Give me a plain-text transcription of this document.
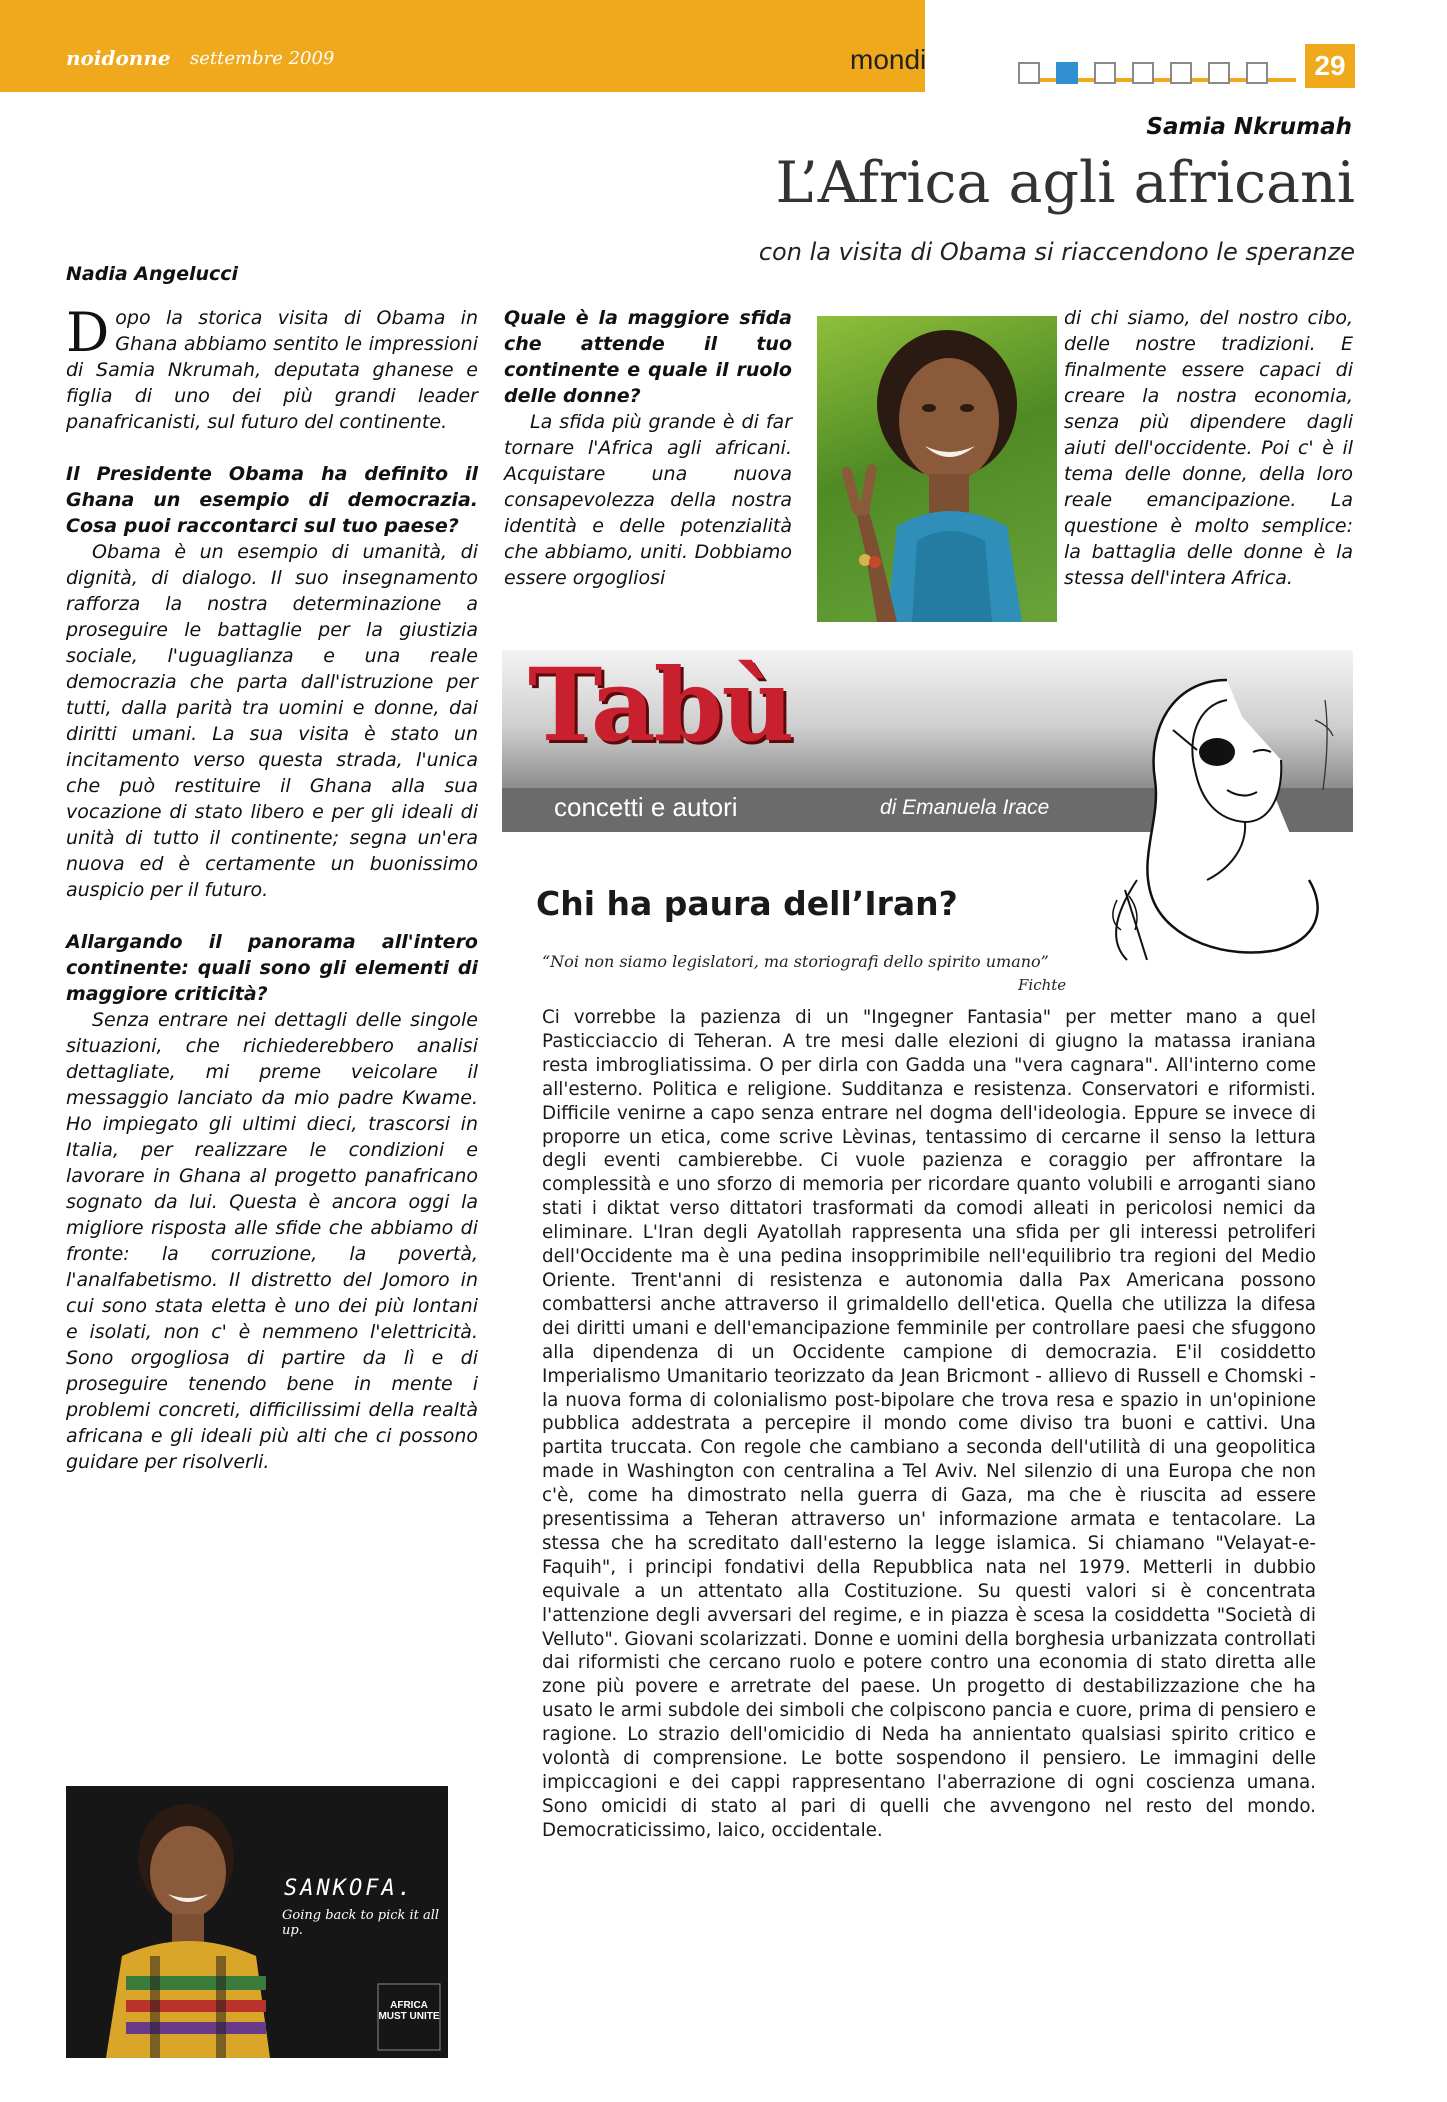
noidonne settembre 2009	mondi	29
Samia Nkrumah
L’Africa agli africani
con la visita di Obama si riaccendono le speranze
Nadia Angelucci

Dopo la storica visita di Obama in Ghana abbiamo sentito le impressioni di Samia Nkrumah, deputata ghanese e figlia di uno dei più grandi leader panafricanisti, sul futuro del continente.

Il Presidente Obama ha definito il Ghana un esempio di democrazia. Cosa puoi raccontarci sul tuo paese?

Obama è un esempio di umanità, di dignità, di dialogo. Il suo insegnamento rafforza la nostra determinazione a proseguire le battaglie per la giustizia sociale, l'uguaglianza e una reale democrazia che parta dall'istruzione per tutti, dalla parità tra uomini e donne, dai diritti umani. La sua visita è stato un incitamento verso questa strada, l'unica che può restituire il Ghana alla sua vocazione di stato libero e per gli ideali di unità di tutto il continente; segna un'era nuova ed è certamente un buonissimo auspicio per il futuro.

Allargando il panorama all'intero continente: quali sono gli elementi di maggiore criticità?

Senza entrare nei dettagli delle singole situazioni, che richiederebbero analisi dettagliate, mi preme veicolare il messaggio lanciato da mio padre Kwame. Ho impiegato gli ultimi dieci, trascorsi in Italia, per realizzare le condizioni e lavorare in Ghana al progetto panafricano sognato da lui. Questa è ancora oggi la migliore risposta alle sfide che abbiamo di fronte: la corruzione, la povertà, l'analfabetismo. Il distretto del Jomoro in cui sono stata eletta è uno dei più lontani e isolati, non c' è nemmeno l'elettricità. Sono orgogliosa di partire da lì e di proseguire tenendo bene in mente i problemi concreti, difficilissimi della realtà africana e gli ideali più alti che ci possono guidare per risolverli.

Quale è la maggiore sfida che attende il tuo continente e quale il ruolo delle donne?

La sfida più grande è di far tornare l'Africa agli africani. Acquistare una nuova consapevolezza della nostra identità e delle potenzialità che abbiamo, uniti. Dobbiamo essere orgogliosi

di chi siamo, del nostro cibo, delle nostre tradizioni. E finalmente essere capaci di creare la nostra economia, senza più dipendere dagli aiuti dell'occidente. Poi c' è il tema delle donne, della loro reale emancipazione. La questione è molto semplice: la battaglia delle donne è la stessa dell'intera Africa.

SANKOFA.
Going back to pick it all up.
AFRICA MUST UNITE
Tabù
concetti e autori	di Emanuela Irace
Chi ha paura dell’Iran?
“Noi non siamo legislatori, ma storiografi dello spirito umano”
Fichte
Ci vorrebbe la pazienza di un "Ingegner Fantasia" per metter mano a quel Pasticciaccio di Teheran. A tre mesi dalle elezioni di giugno la matassa iraniana resta imbrogliatissima. O per dirla con Gadda una "vera cagnara". All'interno come all'esterno. Politica e religione. Sudditanza e resistenza. Conservatori e riformisti. Difficile venirne a capo senza entrare nel dogma dell'ideologia. Eppure se invece di proporre un etica, come scrive Lèvinas, tentassimo di cercarne il senso la lettura degli eventi cambierebbe. Ci vuole pazienza e coraggio per affrontare la complessità e uno sforzo di memoria per ricordare quanto volubili e arroganti siano stati i diktat verso dittatori trasformati da comodi alleati in pericolosi nemici da eliminare. L'Iran degli Ayatollah rappresenta una sfida per gli interessi petroliferi dell'Occidente ma è una pedina insopprimibile nell'equilibrio tra regioni del Medio Oriente. Trent'anni di resistenza e autonomia dalla Pax Americana possono combattersi anche attraverso il grimaldello dell'etica. Quella che utilizza la difesa dei diritti umani e dell'emancipazione femminile per controllare paesi che sfuggono alla dipendenza di un Occidente campione di democrazia. E'il cosiddetto Imperialismo Umanitario teorizzato da Jean Bricmont - allievo di Russell e Chomski - la nuova forma di colonialismo post-bipolare che trova resa e spazio in un'opinione pubblica addestrata a percepire il mondo come diviso tra buoni e cattivi. Una partita truccata. Con regole che cambiano a seconda dell'utilità di una geopolitica made in Washington con centralina a Tel Aviv. Nel silenzio di una Europa che non c'è, come ha dimostrato nella guerra di Gaza, ma che è riuscita ad essere presentissima a Teheran attraverso un' informazione armata e tentacolare. La stessa che ha screditato dall'esterno la legge islamica. Si chiamano "Velayat-e-Faquih", i principi fondativi della Repubblica nata nel 1979. Metterli in dubbio equivale a un attentato alla Costituzione. Su questi valori si è concentrata l'attenzione degli avversari del regime, e in piazza è scesa la cosiddetta "Società di Velluto". Giovani scolarizzati. Donne e uomini della borghesia urbanizzata controllati dai riformisti che cercano ruolo e potere contro una economia di stato diretta alle zone più povere e arretrate del paese. Un progetto di destabilizzazione che ha usato le armi subdole dei simboli che colpiscono pancia e cuore, prima di pensiero e ragione. Lo strazio dell'omicidio di Neda ha annientato qualsiasi spirito critico e volontà di comprensione. Le botte sospendono il pensiero. Le immagini delle impiccagioni e dei cappi rappresentano l'aberrazione di ogni coscienza umana. Sono omicidi di stato al pari di quelli che avvengono nel resto del mondo. Democraticissimo, laico, occidentale.
